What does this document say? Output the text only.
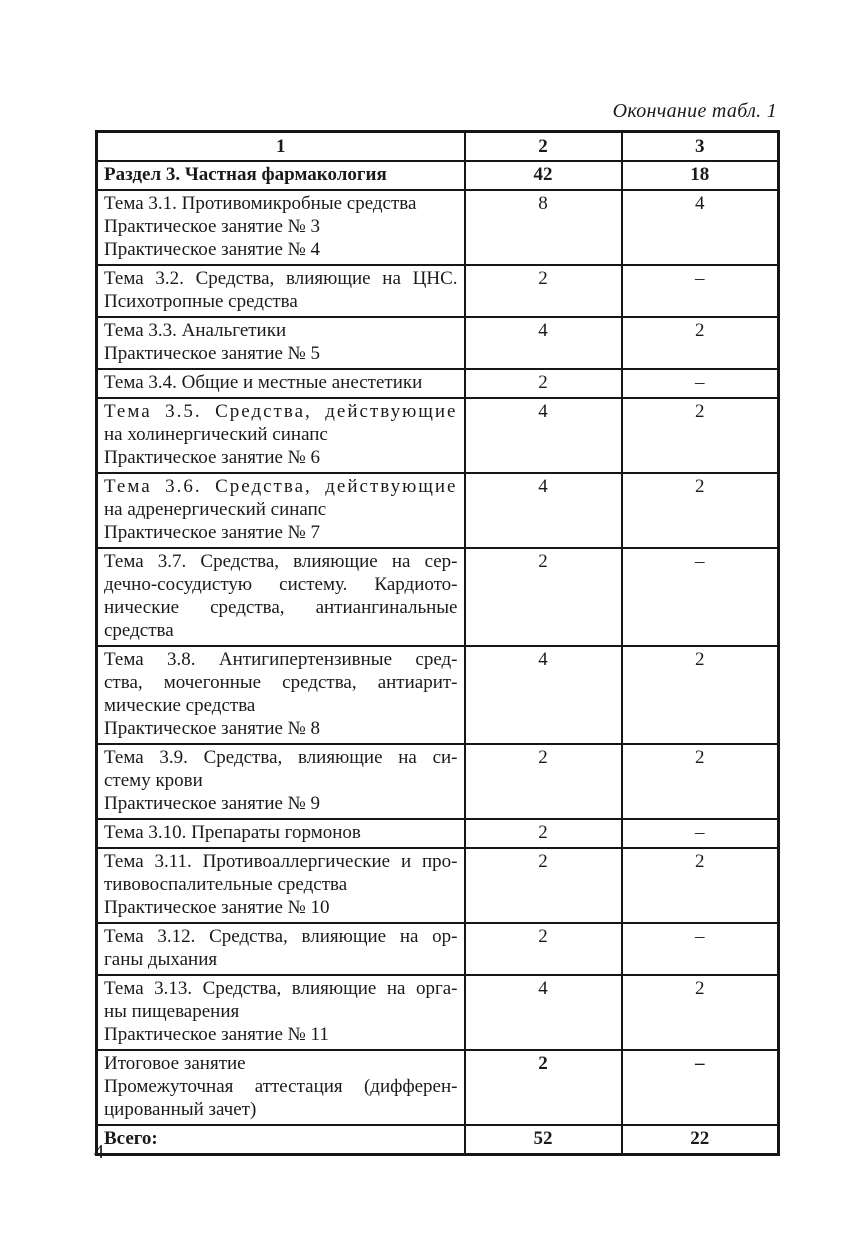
Окончание табл. 1
1	2	3

Раздел 3. Частная фармакология	42	18

Тема 3.1. Противомикробные средства
Практическое занятие № 3
Практическое занятие № 4	8	4

Тема 3.2. Средства, влияющие на ЦНС.
Психотропные средства	2	–

Тема 3.3. Анальгетики
Практическое занятие № 5	4	2

Тема 3.4. Общие и местные анестетики	2	–

Тема 3.5. Средства, действующие
на холинергический синапс
Практическое занятие № 6	4	2

Тема 3.6. Средства, действующие
на адренергический синапс
Практическое занятие № 7	4	2

Тема 3.7. Средства, влияющие на сер-
дечно-сосудистую систему. Кардиото-
нические средства, антиангинальные
средства	2	–

Тема 3.8. Антигипертензивные сред-
ства, мочегонные средства, антиарит-
мические средства
Практическое занятие № 8	4	2

Тема 3.9. Средства, влияющие на си-
стему крови
Практическое занятие № 9	2	2

Тема 3.10. Препараты гормонов	2	–

Тема 3.11. Противоаллергические и про-
тивовоспалительные средства
Практическое занятие № 10	2	2

Тема 3.12. Средства, влияющие на ор-
ганы дыхания	2	–

Тема 3.13. Средства, влияющие на орга-
ны пищеварения
Практическое занятие № 11	4	2

Итоговое занятие
Промежуточная аттестация (дифферен-
цированный зачет)	2	–

Всего:	52	22
4
